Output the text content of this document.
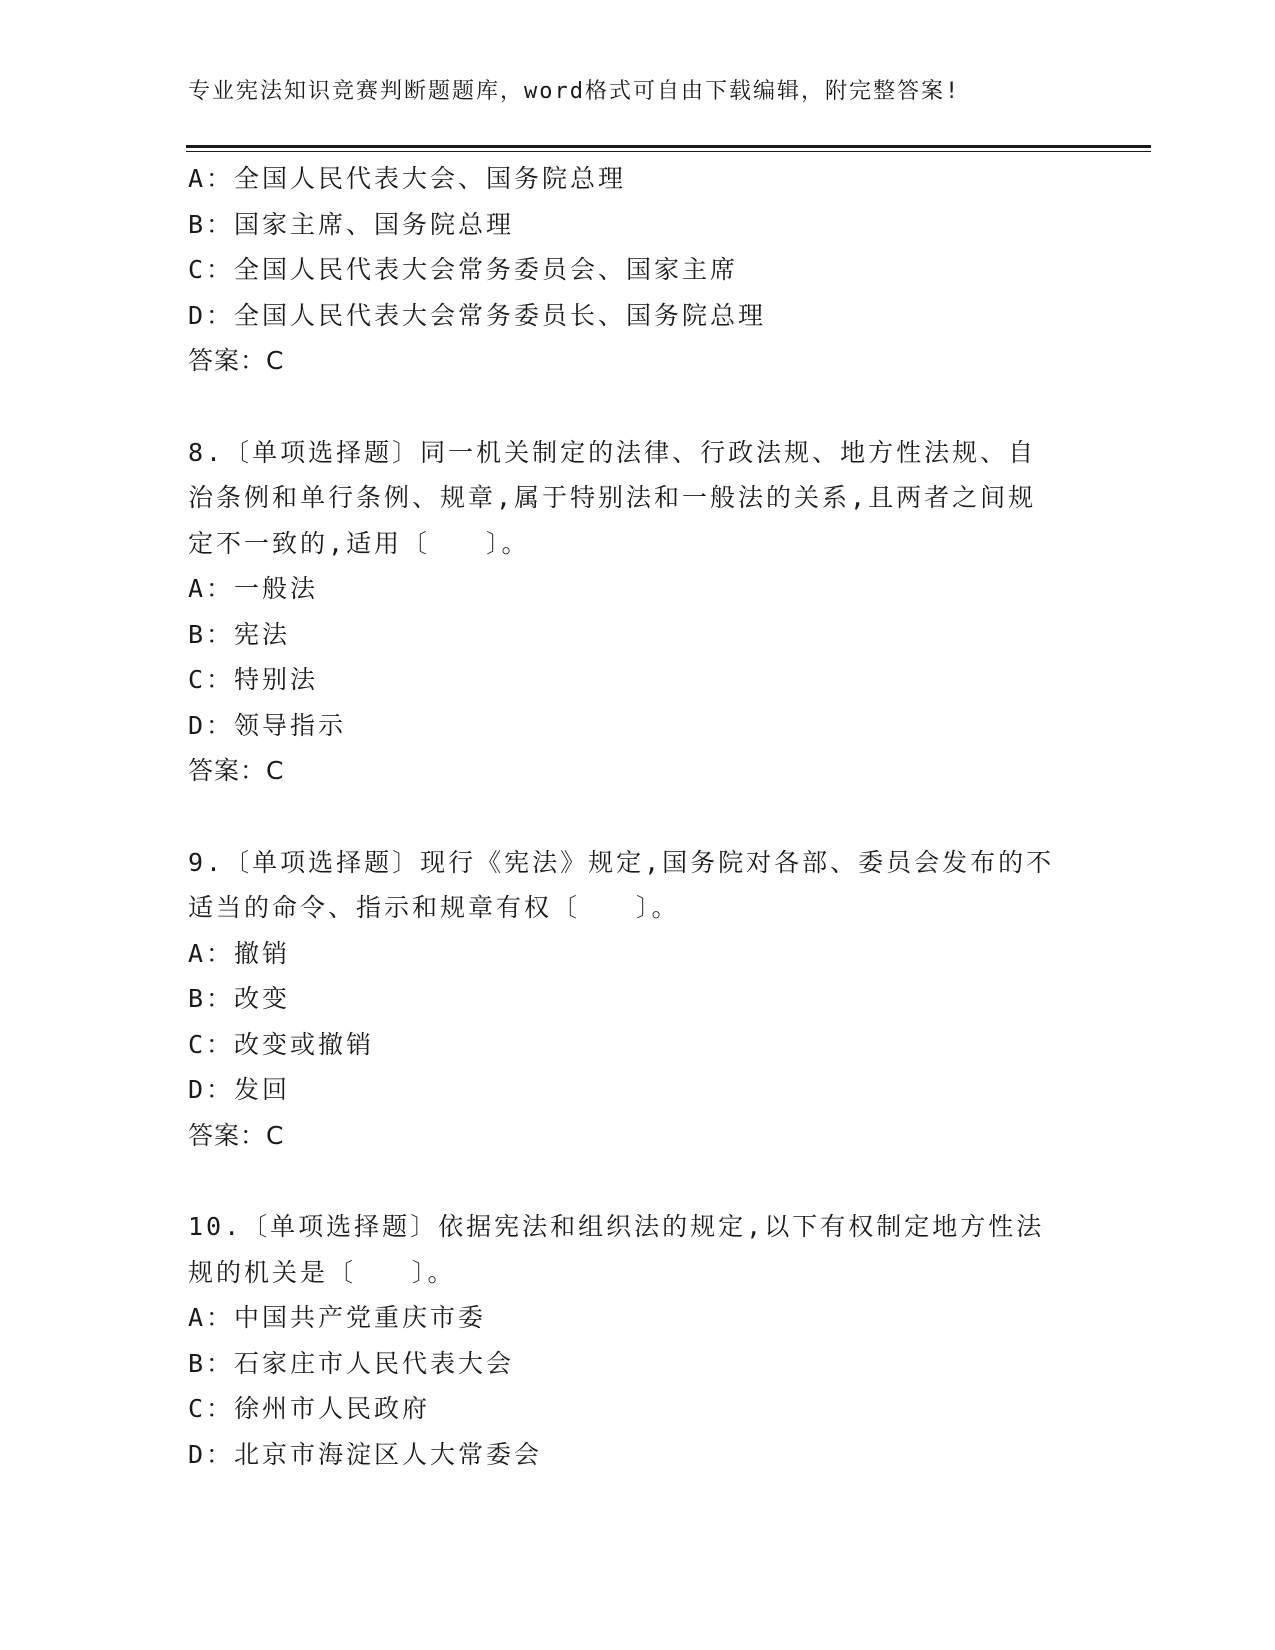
专业宪法知识竞赛判断题题库，word格式可自由下载编辑，附完整答案!
A：全国人民代表大会、国务院总理
B：国家主席、国务院总理
C：全国人民代表大会常务委员会、国家主席
D：全国人民代表大会常务委员长、国务院总理
答案：C
8.〔单项选择题〕同一机关制定的法律、行政法规、地方性法规、自
治条例和单行条例、规章,属于特别法和一般法的关系,且两者之间规
定不一致的,适用〔　　〕。
A：一般法
B：宪法
C：特别法
D：领导指示
答案：C
9.〔单项选择题〕现行《宪法》规定,国务院对各部、委员会发布的不
适当的命令、指示和规章有权〔　　〕。
A：撤销
B：改变
C：改变或撤销
D：发回
答案：C
10.〔单项选择题〕依据宪法和组织法的规定,以下有权制定地方性法
规的机关是〔　　〕。
A：中国共产党重庆市委
B：石家庄市人民代表大会
C：徐州市人民政府
D：北京市海淀区人大常委会
